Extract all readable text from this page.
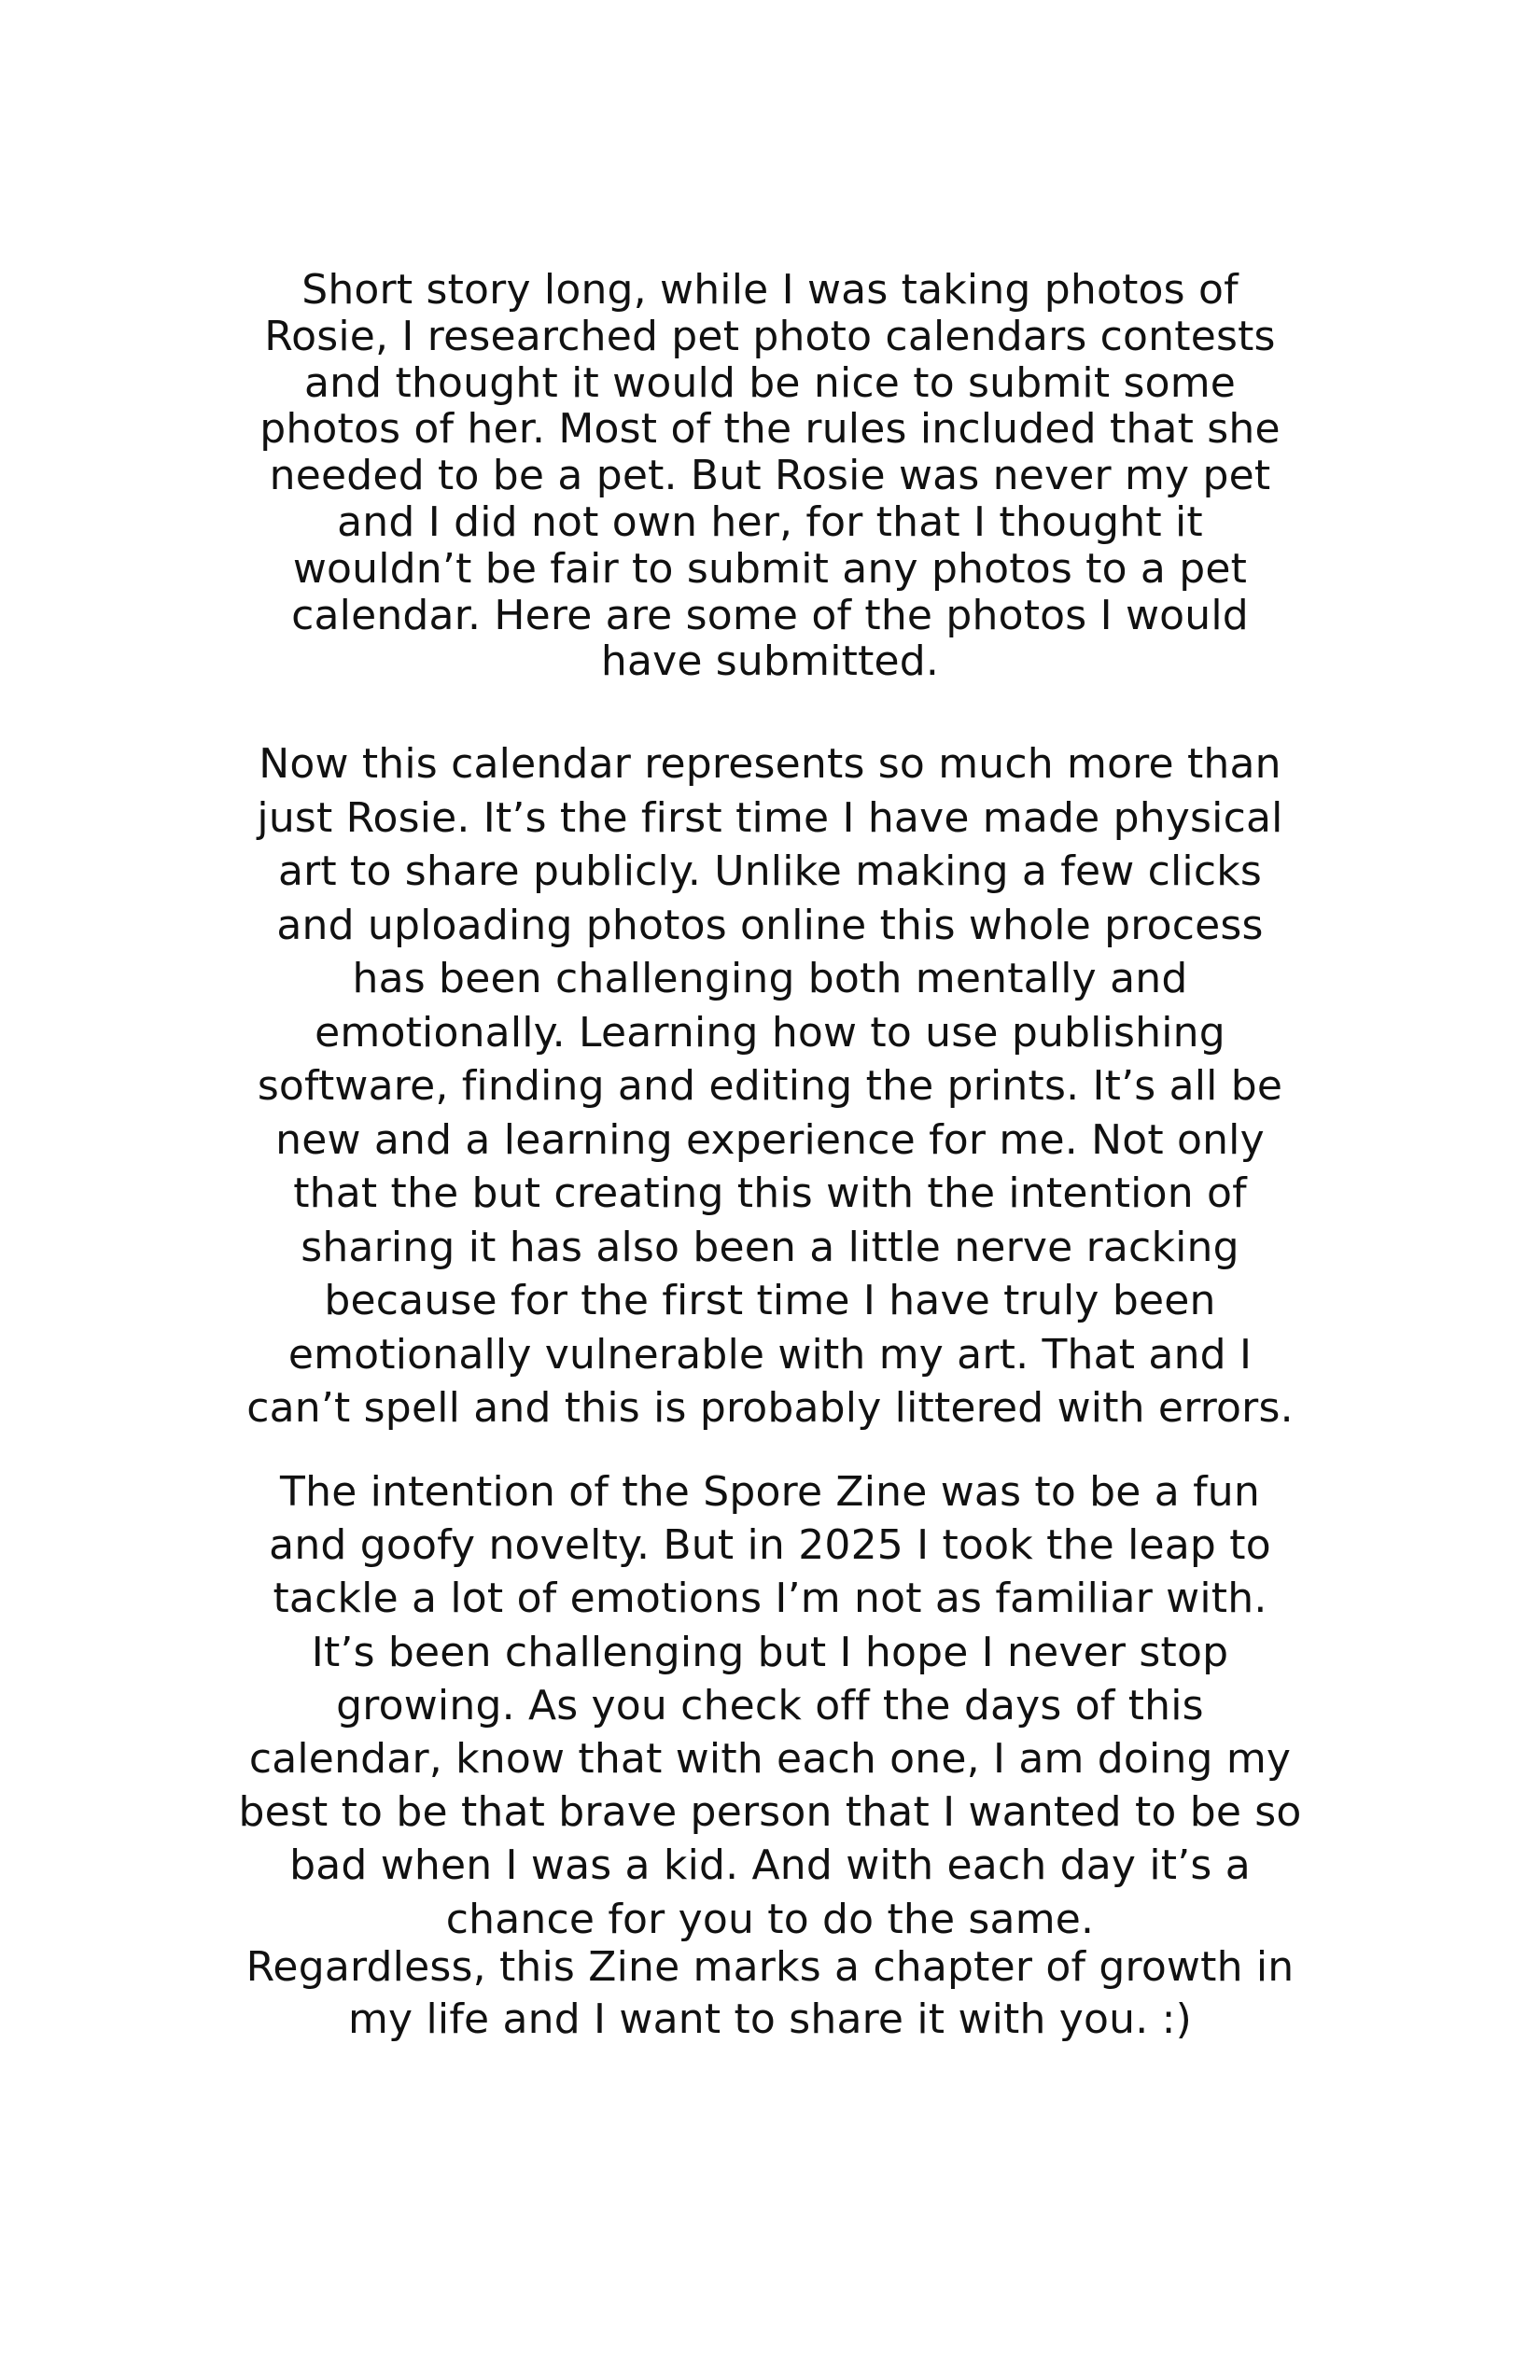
Short story long, while I was taking photos of
Rosie, I researched pet photo calendars contests
and thought it would be nice to submit some
photos of her. Most of the rules included that she
needed to be a pet. But Rosie was never my pet
and I did not own her, for that I thought it
wouldn’t be fair to submit any photos to a pet
calendar. Here are some of the photos I would
have submitted.
Now this calendar represents so much more than
just Rosie. It’s the first time I have made physical
art to share publicly. Unlike making a few clicks
and uploading photos online this whole process
has been challenging both mentally and
emotionally. Learning how to use publishing
software, finding and editing the prints. It’s all be
new and a learning experience for me. Not only
that the but creating this with the intention of
sharing it has also been a little nerve racking
because for the first time I have truly been
emotionally vulnerable with my art. That and I
can’t spell and this is probably littered with errors.
The intention of the Spore Zine was to be a fun
and goofy novelty. But in 2025 I took the leap to
tackle a lot of emotions I’m not as familiar with.
It’s been challenging but I hope I never stop
growing. As you check off the days of this
calendar, know that with each one, I am doing my
best to be that brave person that I wanted to be so
bad when I was a kid. And with each day it’s a
chance for you to do the same.
Regardless, this Zine marks a chapter of growth in
my life and I want to share it with you. :)
